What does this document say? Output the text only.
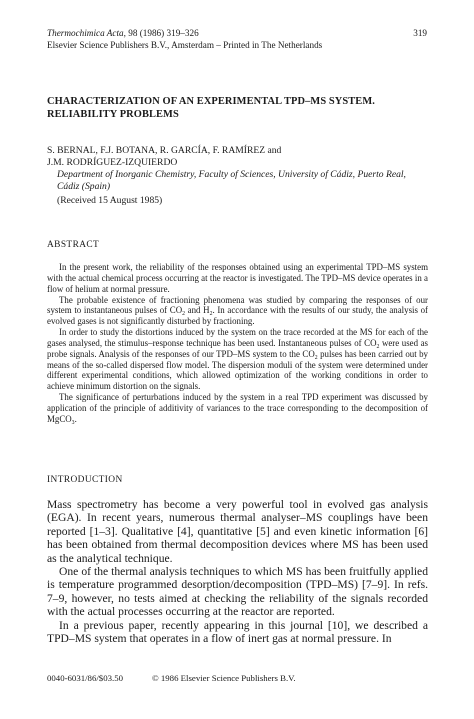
Thermochimica Acta, 98 (1986) 319–326
Elsevier Science Publishers B.V., Amsterdam – Printed in The Netherlands
319
CHARACTERIZATION OF AN EXPERIMENTAL TPD–MS SYSTEM.
RELIABILITY PROBLEMS
S. BERNAL, F.J. BOTANA, R. GARCÍA, F. RAMÍREZ and
J.M. RODRÍGUEZ-IZQUIERDO
Department of Inorganic Chemistry, Faculty of Sciences, University of Cádiz, Puerto Real,
Cádiz (Spain)
(Received 15 August 1985)
ABSTRACT

In the present work, the reliability of the responses obtained using an experimental TPD–MS system with the actual chemical process occurring at the reactor is investigated. The TPD–MS device operates in a flow of helium at normal pressure.

The probable existence of fractioning phenomena was studied by comparing the responses of our system to instantaneous pulses of $CO_2$ and $H_2$. In accordance with the results of our study, the analysis of evolved gases is not significantly disturbed by fractioning.

In order to study the distortions induced by the system on the trace recorded at the MS for each of the gases analysed, the stimulus–response technique has been used. Instantaneous pulses of $CO_2$ were used as probe signals. Analysis of the responses of our TPD–MS system to the $CO_2$ pulses has been carried out by means of the so-called dispersed flow model. The dispersion moduli of the system were determined under different experimental conditions, which allowed optimization of the working conditions in order to achieve minimum distortion on the signals.

The significance of perturbations induced by the system in a real TPD experiment was discussed by application of the principle of additivity of variances to the trace corresponding to the decomposition of MgCO$_3$.

INTRODUCTION

Mass spectrometry has become a very powerful tool in evolved gas analysis (EGA). In recent years, numerous thermal analyser–MS couplings have been reported [1–3]. Qualitative [4], quantitative [5] and even kinetic information [6] has been obtained from thermal decomposition devices where MS has been used as the analytical technique.

One of the thermal analysis techniques to which MS has been fruitfully applied is temperature programmed desorption/decomposition (TPD–MS) [7–9]. In refs. 7–9, however, no tests aimed at checking the reliability of the signals recorded with the actual processes occurring at the reactor are reported.

In a previous paper, recently appearing in this journal [10], we described a TPD–MS system that operates in a flow of inert gas at normal pressure. In

0040-6031/86/$03.50	© 1986 Elsevier Science Publishers B.V.
